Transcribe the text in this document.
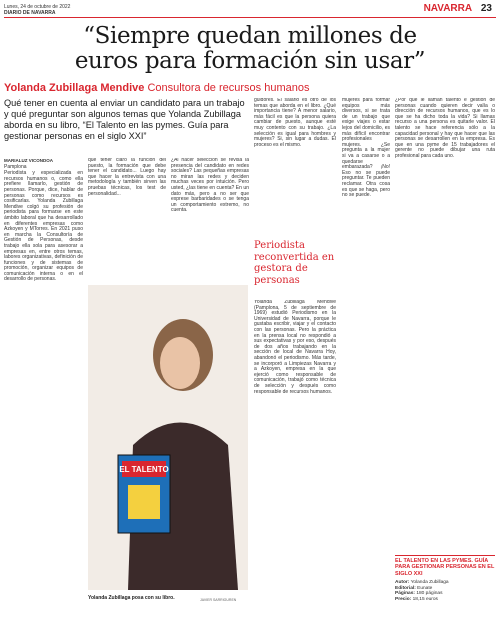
Lunes, 24 de octubre de 2022
DIARIO DE NAVARRA	NAVARRA 23
“Siempre quedan millones de euros para formación sin usar”
Yolanda Zubillaga Mendive Consultora de recursos humanos
Qué tener en cuenta al enviar un candidato para un trabajo y qué preguntar son algunos temas que Yolanda Zubillaga aborda en su libro, “El Talento en las pymes. Guía para gestionar personas en el siglo XXI”

MARIALUZ VICONDOA

Pamplona

Periodista y especializada en recursos humanos o, como ella prefiere llamarlo, gestión de personas. Porque, dice, hablar de personas como recursos es cosificarlas. Yolanda Zubillaga Mendive colgó su profesión de periodista para formarse en este ámbito laboral que ha desarrollado en diferentes empresas como Azkoyen y MTorres. En 2021 puso en marcha la Consultoría de Gestión de Personas, desde trabajo ella sola para asesorar a empresas en, entre otros temas, labores organizativas, definición de funciones y de sistemas de promoción, organizar equipos de comunicación interna o en el desarrollo de personas.

que tener claro la función del puesto, la formación que debe tener el candidato... Luego hay que hacer la entrevista con una metodología y también sirven las pruebas técnicas, los test de personalidad...

¿Al hacer selección se revisa la presencia del candidato en redes sociales? Las pequeñas empresas no miran las redes y deciden muchas veces por intuición. Pero usted, ¿las tiene en cuenta? En un dato más, pero a no ser que exprese barbaridades o se tenga un comportamiento extremo, no cuenta.

guidores. El salario es otro de los temas que aborda en el libro. ¿Qué importancia tiene? A menor salario, más fácil es que la persona quiera cambiar de puesto, aunque esté muy contento con su trabajo. ¿La selección es igual para hombres y mujeres? Si, sin lugar a dudas. El proceso es el mismo.

Periodista reconvertida en gestora de personas

Yolanda Zubillaga Mendive (Pamplona, 5 de septiembre de 1969) estudió Periodismo en la Universidad de Navarra, porque le gustaba escribir, viajar y el contacto con las personas. Pero la práctica en la prensa local no respondió a sus expectativas y por eso, después de dos años trabajando en la sección de local de Navarra Hoy, abandonó el periodismo. Más tarde, se incorporó a Limpiezas Navarra y a Azkoyen, empresa en la que ejerció como responsable de comunicación, trabajó como técnica de selección y después como responsable de recursos humanos.

EL TALENTO
Yolanda Zubillaga posa con su libro.	JAVIER SARRIGUREN

mujeres para formar equipos más diversos, si se trata de un trabajo que exige viajes o estar lejos del domicilio, es más difícil encontrar profesionales mujeres. ¿Se pregunta a la mujer si va a casarse o a quedarse embarazada? ¡No! Eso no se puede preguntar. Te pueden reclamar. Otra cosa es que se haga, pero no se puede.

¿Por qué le llaman talento e gestión de personas cuando quieren decir valía o dirección de recursos humanos, que es lo que se ha dicho toda la vida? Si llamas recurso a una persona es quitarle valor. El talento se hace referencia sólo a la capacidad personal y hay que hacer que las personas se desarrollen en la empresa. Es que en una pyme de 15 trabajadores el gerente no puede dibujar una ruta profesional para cada uno.

EL TALENTO EN LAS PYMES. GUÍA PARA GESTIONAR PERSONAS EN EL SIGLO XXI
Autor: Yolanda Zubillaga
Editorial: Eunate
Páginas: 180 páginas
Precio: 18,15 euros
